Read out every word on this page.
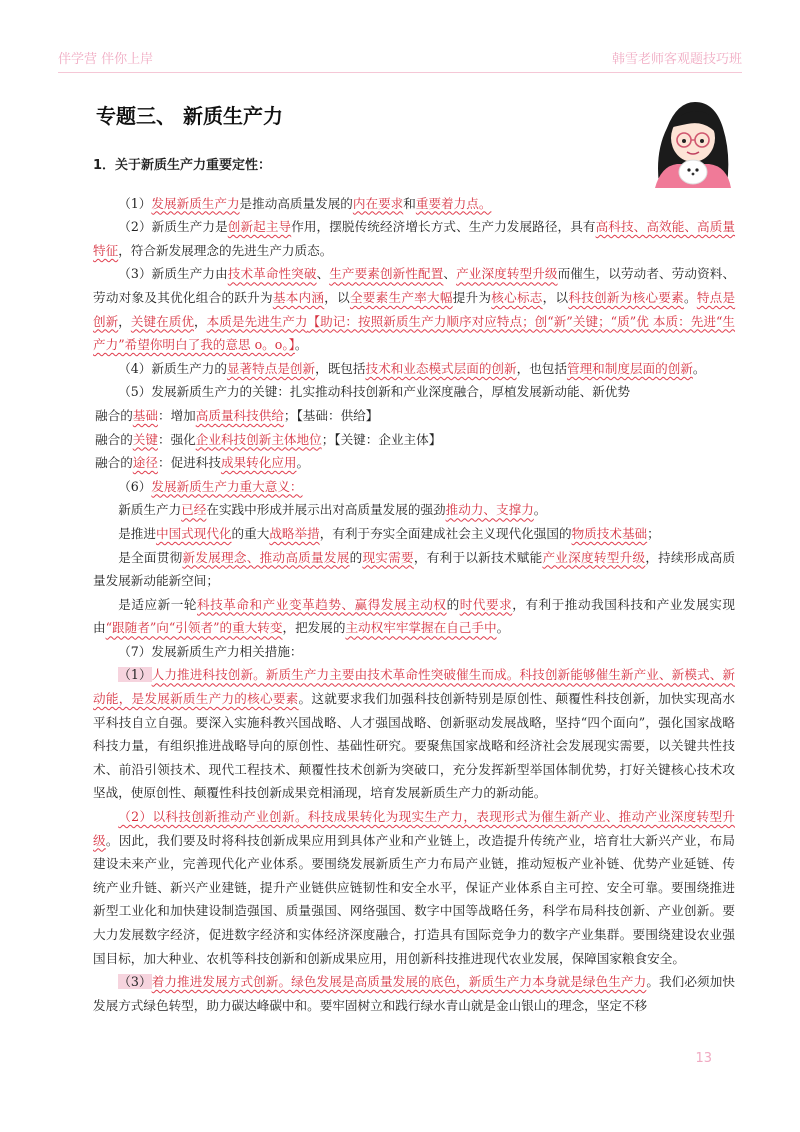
伴学营 伴你上岸	韩雪老师客观题技巧班
专题三、 新质生产力

1．关于新质生产力重要定性：

（1）发展新质生产力是推动高质量发展的内在要求和重要着力点。

（2）新质生产力是创新起主导作用，摆脱传统经济增长方式、生产力发展路径，具有高科技、高效能、高质量特征，符合新发展理念的先进生产力质态。

（3）新质生产力由技术革命性突破、生产要素创新性配置、产业深度转型升级而催生，以劳动者、劳动资料、劳动对象及其优化组合的跃升为基本内涵，以全要素生产率大幅提升为核心标志，以科技创新为核心要素。特点是创新，关键在质优，本质是先进生产力【助记：按照新质生产力顺序对应特点；创“新”关键；“质”优 本质：先进“生产力”希望你明白了我的意思 o。o。】。

（4）新质生产力的显著特点是创新，既包括技术和业态模式层面的创新，也包括管理和制度层面的创新。

（5）发展新质生产力的关键：扎实推动科技创新和产业深度融合，厚植发展新动能、新优势

融合的基础：增加高质量科技供给；【基础：供给】

融合的关键：强化企业科技创新主体地位；【关键：企业主体】

融合的途径：促进科技成果转化应用。

（6）发展新质生产力重大意义：

新质生产力已经在实践中形成并展示出对高质量发展的强劲推动力、支撑力。

是推进中国式现代化的重大战略举措，有利于夯实全面建成社会主义现代化强国的物质技术基础；

是全面贯彻新发展理念、推动高质量发展的现实需要，有利于以新技术赋能产业深度转型升级，持续形成高质量发展新动能新空间；

是适应新一轮科技革命和产业变革趋势、赢得发展主动权的时代要求，有利于推动我国科技和产业发展实现由“跟随者”向“引领者”的重大转变，把发展的主动权牢牢掌握在自己手中。

（7）发展新质生产力相关措施：

（1）人力推进科技创新。新质生产力主要由技术革命性突破催生而成。科技创新能够催生新产业、新模式、新动能，是发展新质生产力的核心要素。这就要求我们加强科技创新特别是原创性、颠覆性科技创新，加快实现高水平科技自立自强。要深入实施科教兴国战略、人才强国战略、创新驱动发展战略，坚持“四个面向”，强化国家战略科技力量，有组织推进战略导向的原创性、基础性研究。要聚焦国家战略和经济社会发展现实需要，以关键共性技术、前沿引领技术、现代工程技术、颠覆性技术创新为突破口，充分发挥新型举国体制优势，打好关键核心技术攻坚战，使原创性、颠覆性科技创新成果竞相涌现，培育发展新质生产力的新动能。

（2）以科技创新推动产业创新。科技成果转化为现实生产力，表现形式为催生新产业、推动产业深度转型升级。因此，我们要及时将科技创新成果应用到具体产业和产业链上，改造提升传统产业，培育壮大新兴产业，布局建设未来产业，完善现代化产业体系。要围绕发展新质生产力布局产业链，推动短板产业补链、优势产业延链、传统产业升链、新兴产业建链，提升产业链供应链韧性和安全水平，保证产业体系自主可控、安全可靠。要围绕推进新型工业化和加快建设制造强国、质量强国、网络强国、数字中国等战略任务，科学布局科技创新、产业创新。要大力发展数字经济，促进数字经济和实体经济深度融合，打造具有国际竞争力的数字产业集群。要围绕建设农业强国目标，加大种业、农机等科技创新和创新成果应用，用创新科技推进现代农业发展，保障国家粮食安全。

（3）着力推进发展方式创新。绿色发展是高质量发展的底色，新质生产力本身就是绿色生产力。我们必须加快发展方式绿色转型，助力碳达峰碳中和。要牢固树立和践行绿水青山就是金山银山的理念，坚定不移

13
